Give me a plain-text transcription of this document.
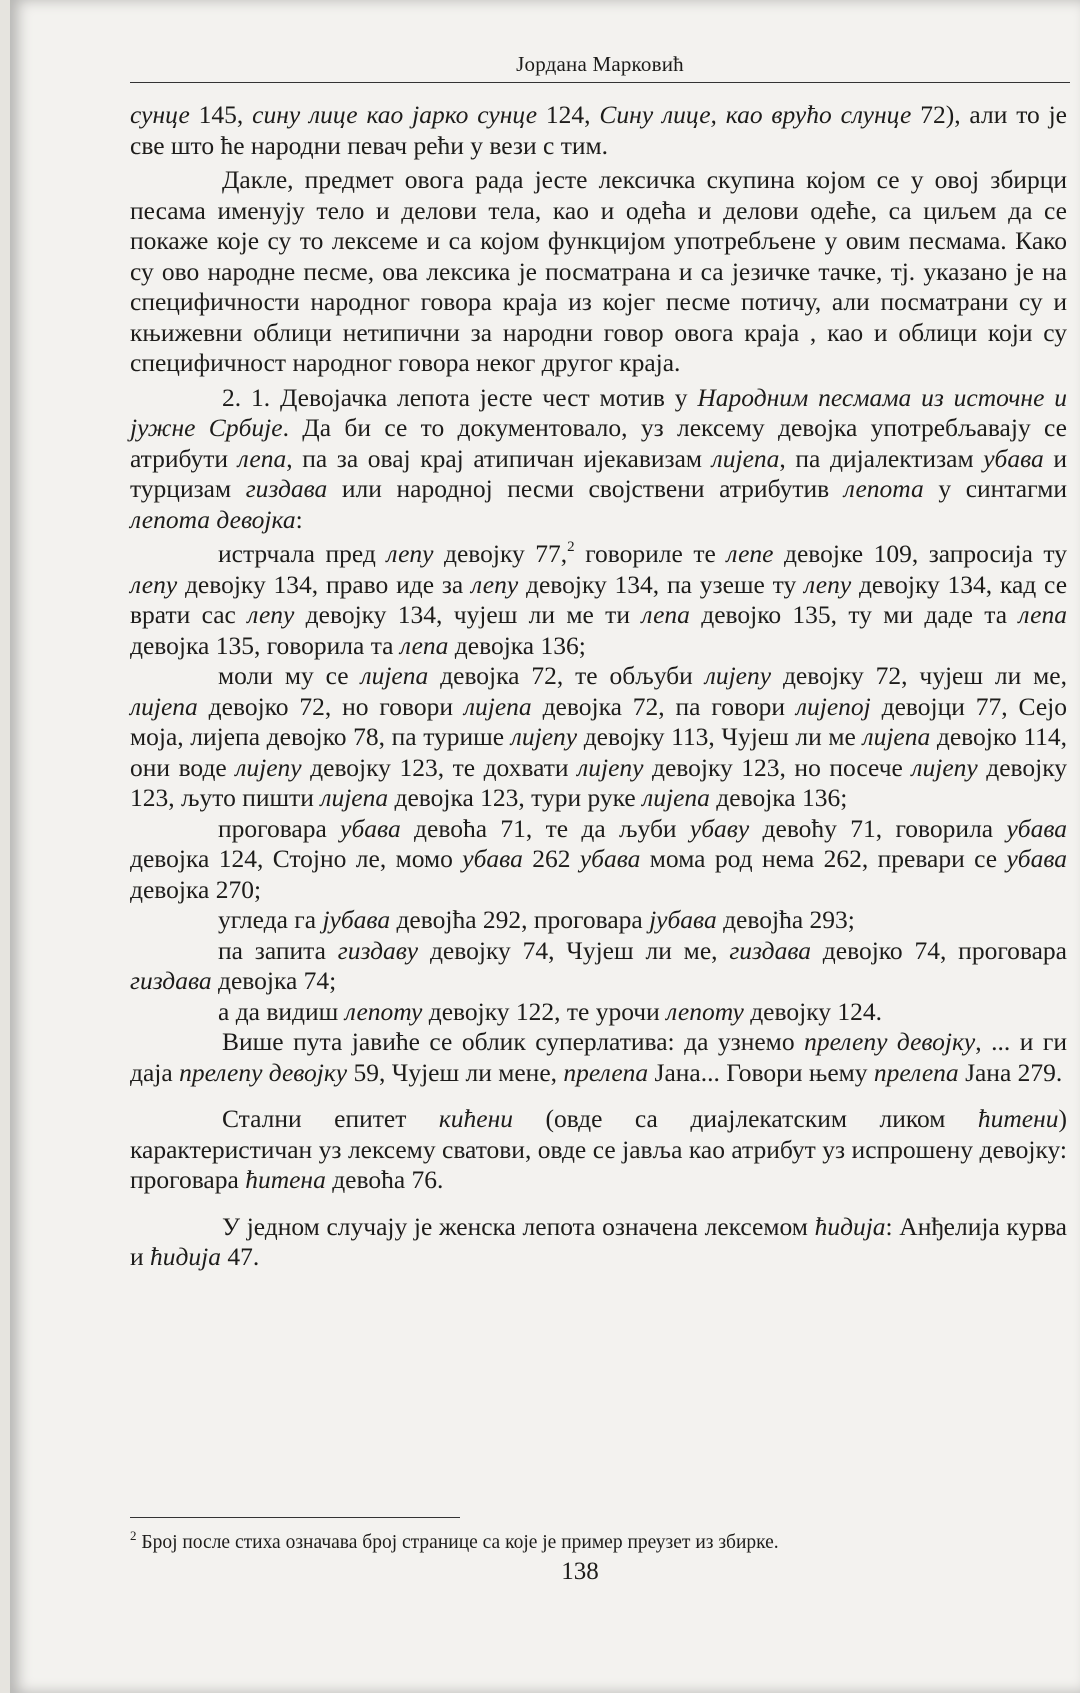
Јордана Марковић

сунце 145, сину лице као јарко сунце 124, Сину лице, као врућо слунце 72), али то је све што ће народни певач рећи у вези с тим.

Дакле, предмет овога рада јесте лексичка скупина којом се у овој збирци песама именују тело и делови тела, као и одећа и делови одеће, са циљем да се покаже које су то лексеме и са којом функцијом употребљене у овим песмама. Како су ово народне песме, ова лексика је посматрана и са језичке тачке, тј. указано је на специфичности народног говора краја из којег песме потичу, али посматрани су и књижевни облици нетипични за народни говор овога краја , као и облици који су специфичност народног говора неког другог краја.

2. 1. Девојачка лепота јесте чест мотив у Народним песмама из источне и јужне Србије. Да би се то документовало, уз лексему девојка употребљавају се атрибути лепа, па за овај крај атипичан ијекавизам лијепа, па дијалектизам убава и турцизам гиздава или народној песми својствени атрибутив лепота у синтагми лепота девојка:

истрчала пред лепу девојку 77,$^2$ говориле те лепе девојке 109, запросија ту лепу девојку 134, право иде за лепу девојку 134, па узеше ту лепу девојку 134, кад се врати сас лепу девојку 134, чујеш ли ме ти лепа девојко 135, ту ми даде та лепа девојка 135, говорила та лепа девојка 136;

моли му се лијепа девојка 72, те обљуби лијепу девојку 72, чујеш ли ме, лијепа девојко 72, но говори лијепа девојка 72, па говори лијепој девојци 77, Сејо моја, лијепа девојко 78, па турише лијепу девојку 113, Чујеш ли ме лијепа девојко 114, они воде лијепу девојку 123, те дохвати лијепу девојку 123, но посече лијепу девојку 123, љуто пишти лијепа девојка 123, тури руке лијепа девојка 136;

проговара убава девоћа 71, те да љуби убаву девоћу 71, говорила убава девојка 124, Стојно ле, момо убава 262 убава мома род нема 262, превари се убава девојка 270;

угледа га јубава девојћа 292, проговара јубава девојћа 293;

па запита гиздаву девојку 74, Чујеш ли ме, гиздава девојко 74, проговара гиздава девојка 74;

а да видиш лепоту девојку 122, те урочи лепоту девојку 124.

Више пута јавиће се облик суперлатива: да узнемо прелепу девојку, ... и ги даја прелепу девојку 59, Чујеш ли мене, прелепа Јана... Говори њему прелепа Јана 279.

Стални епитет кићени (овде са диајлекатским ликом ћитени) карактеристичан уз лексему сватови, овде се јавља као атрибут уз испрошену девојку: проговара ћитена девоћа 76.

У једном случају је женска лепота означена лексемом ћидија: Анђелија курва и ћидија 47.

$^2$ Број после стиха означава број странице са које је пример преузет из збирке.
138
